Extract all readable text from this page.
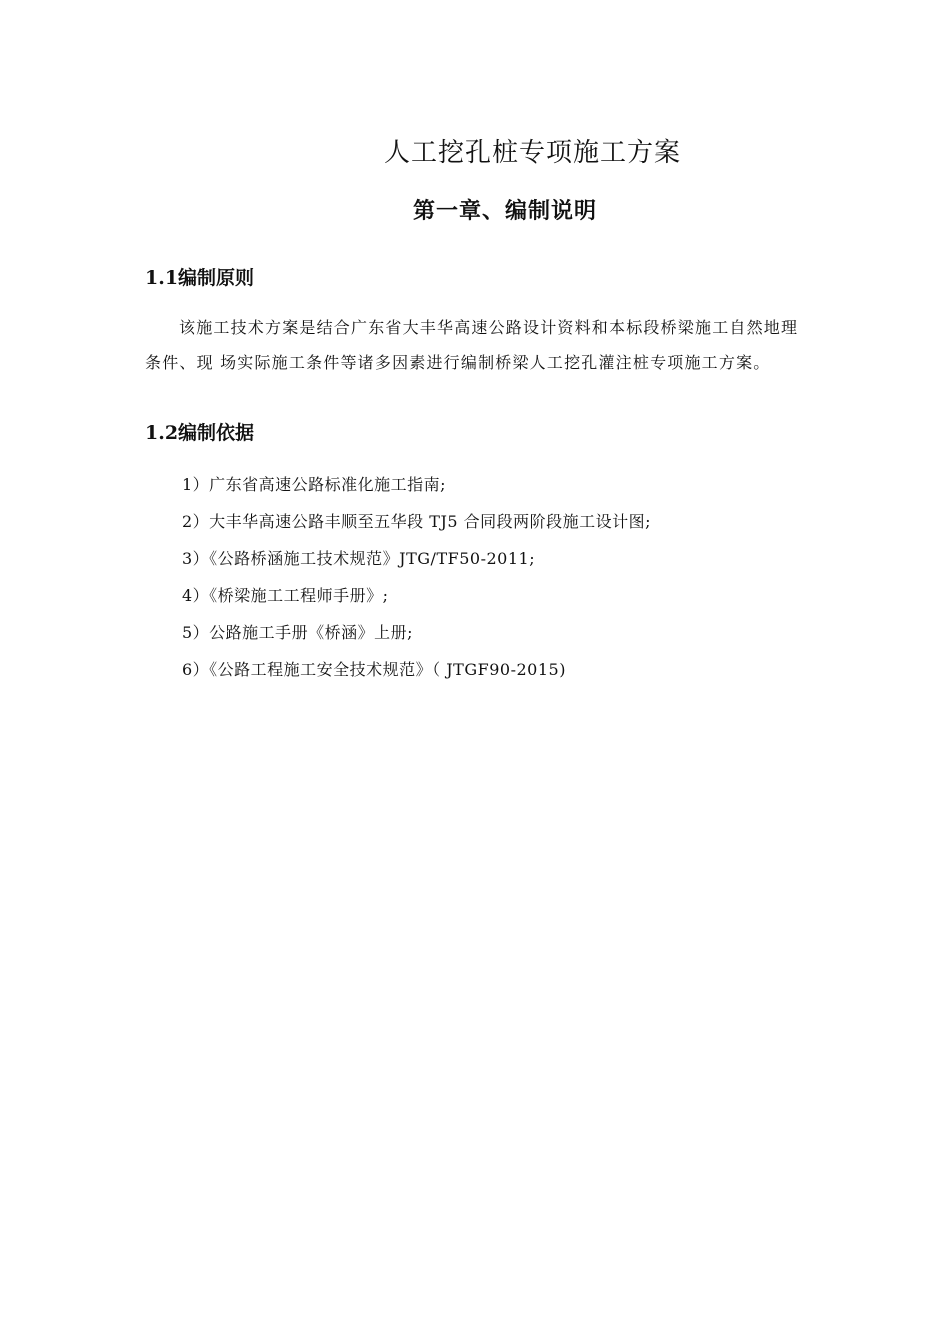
人工挖孔桩专项施工方案
第一章、编制说明
1.1编制原则
该施工技术方案是结合广东省大丰华高速公路设计资料和本标段桥梁施工自然地理
条件、现 场实际施工条件等诸多因素进行编制桥梁人工挖孔灌注桩专项施工方案。
1.2编制依据
1）广东省高速公路标准化施工指南;
2）大丰华高速公路丰顺至五华段 TJ5 合同段两阶段施工设计图;
3）《公路桥涵施工技术规范》JTG/TF50-2011;
4）《桥梁施工工程师手册》;
5）公路施工手册《桥涵》上册;
6）《公路工程施工安全技术规范》（ JTGF90-2015)
